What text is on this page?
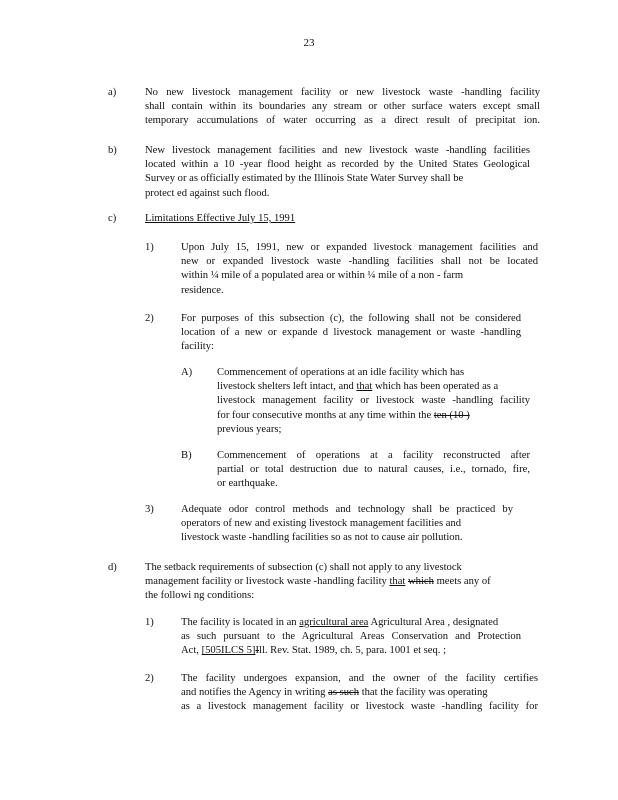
23
a)	No new livestock management facility or new livestock waste -handling facility
shall contain within its boundaries any stream or other surface waters except small
temporary accumulations of water occurring as a direct result of precipitat ion.
b)	New livestock management facilities and new livestock waste -handling facilities
located within a 10 -year flood height as recorded by the United States Geological
Survey or as officially estimated by the Illinois State Water Survey shall be
protect ed against such flood.
c)	Limitations Effective July 15, 1991
1)	Upon July 15, 1991, new or expanded livestock management facilities and
new or expanded livestock waste -handling facilities shall not be located
within ¼ mile of a populated area or within ¼ mile of a non - farm
residence.
2)	For purposes of this subsection (c), the following shall not be considered
location of a new or expande d livestock management or waste -handling
facility:
A) Commencement of operations at an idle facility which has
livestock shelters left intact, and that which has been operated as a
livestock management facility or livestock waste -handling facility
for four consecutive months at any time within the ten (10 )
previous years;
B) Commencement of operations at a facility reconstructed after
partial or total destruction due to natural causes, i.e., tornado, fire,
or earthquake.
3)	Adequate odor control methods and technology shall be practiced by
operators of new and existing livestock management facilities and
livestock waste -handling facilities so as not to cause air pollution.
d)	The setback requirements of subsection (c) shall not apply to any livestock
management facility or livestock waste -handling facility that which meets any of
the followi ng conditions:
1)	The facility is located in an agricultural area Agricultural Area , designated
as such pursuant to the Agricultural Areas Conservation and Protection
Act, [505ILCS 5]Ill. Rev. Stat. 1989, ch. 5, para. 1001 et seq. ;
2)	The facility undergoes expansion, and the owner of the facility certifies
and notifies the Agency in writing as such that the facility was operating
as a livestock management facility or livestock waste -handling facility for
